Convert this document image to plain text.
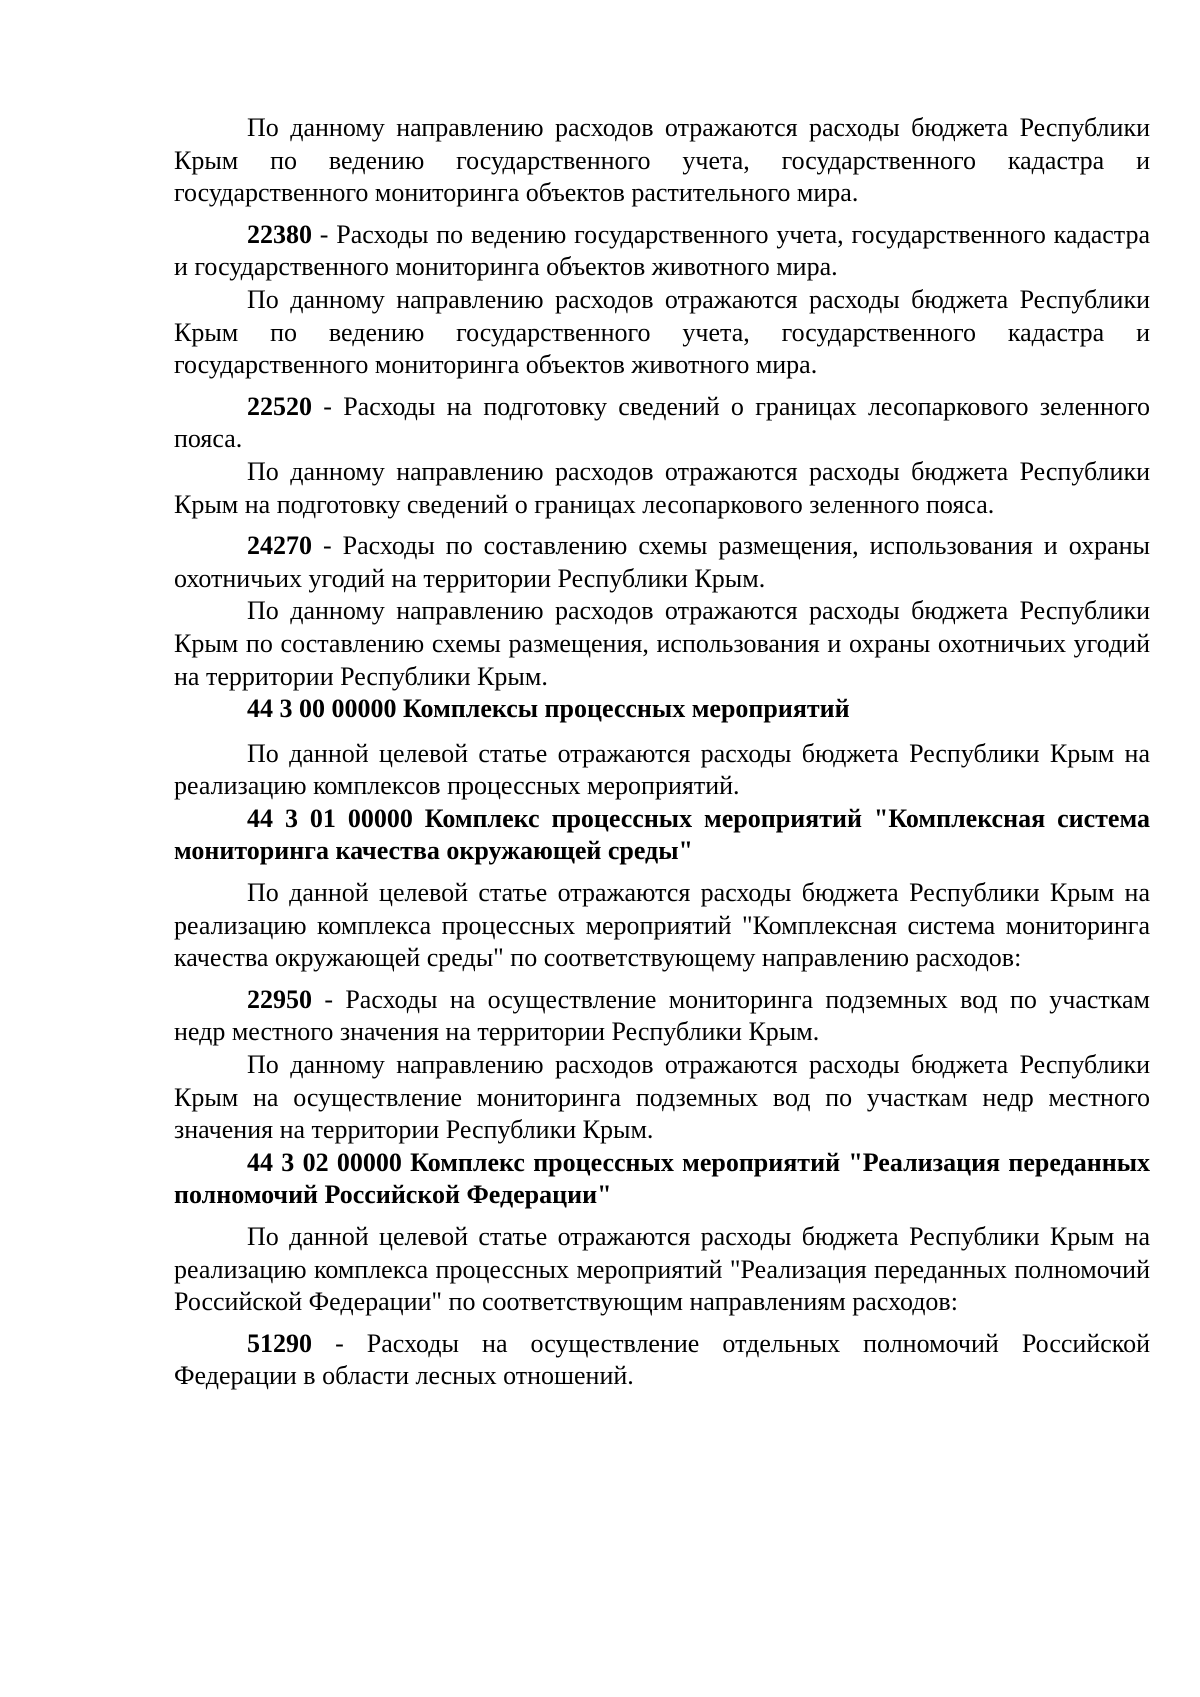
По данному направлению расходов отражаются расходы бюджета Республики Крым по ведению государственного учета, государственного кадастра и государственного мониторинга объектов растительного мира.

22380 - Расходы по ведению государственного учета, государственного кадастра и государственного мониторинга объектов животного мира.

По данному направлению расходов отражаются расходы бюджета Республики Крым по ведению государственного учета, государственного кадастра и государственного мониторинга объектов животного мира.

22520 - Расходы на подготовку сведений о границах лесопаркового зеленного пояса.

По данному направлению расходов отражаются расходы бюджета Республики Крым на подготовку сведений о границах лесопаркового зеленного пояса.

24270 - Расходы по составлению схемы размещения, использования и охраны охотничьих угодий на территории Республики Крым.

По данному направлению расходов отражаются расходы бюджета Республики Крым по составлению схемы размещения, использования и охраны охотничьих угодий на территории Республики Крым.

44 3 00 00000 Комплексы процессных мероприятий

По данной целевой статье отражаются расходы бюджета Республики Крым на реализацию комплексов процессных мероприятий.

44 3 01 00000 Комплекс процессных мероприятий "Комплексная система мониторинга качества окружающей среды"

По данной целевой статье отражаются расходы бюджета Республики Крым на реализацию комплекса процессных мероприятий "Комплексная система мониторинга качества окружающей среды" по соответствующему направлению расходов:

22950 - Расходы на осуществление мониторинга подземных вод по участкам недр местного значения на территории Республики Крым.

По данному направлению расходов отражаются расходы бюджета Республики Крым на осуществление мониторинга подземных вод по участкам недр местного значения на территории Республики Крым.

44 3 02 00000 Комплекс процессных мероприятий "Реализация переданных полномочий Российской Федерации"

По данной целевой статье отражаются расходы бюджета Республики Крым на реализацию комплекса процессных мероприятий "Реализация переданных полномочий Российской Федерации" по соответствующим направлениям расходов:

51290 - Расходы на осуществление отдельных полномочий Российской Федерации в области лесных отношений.
